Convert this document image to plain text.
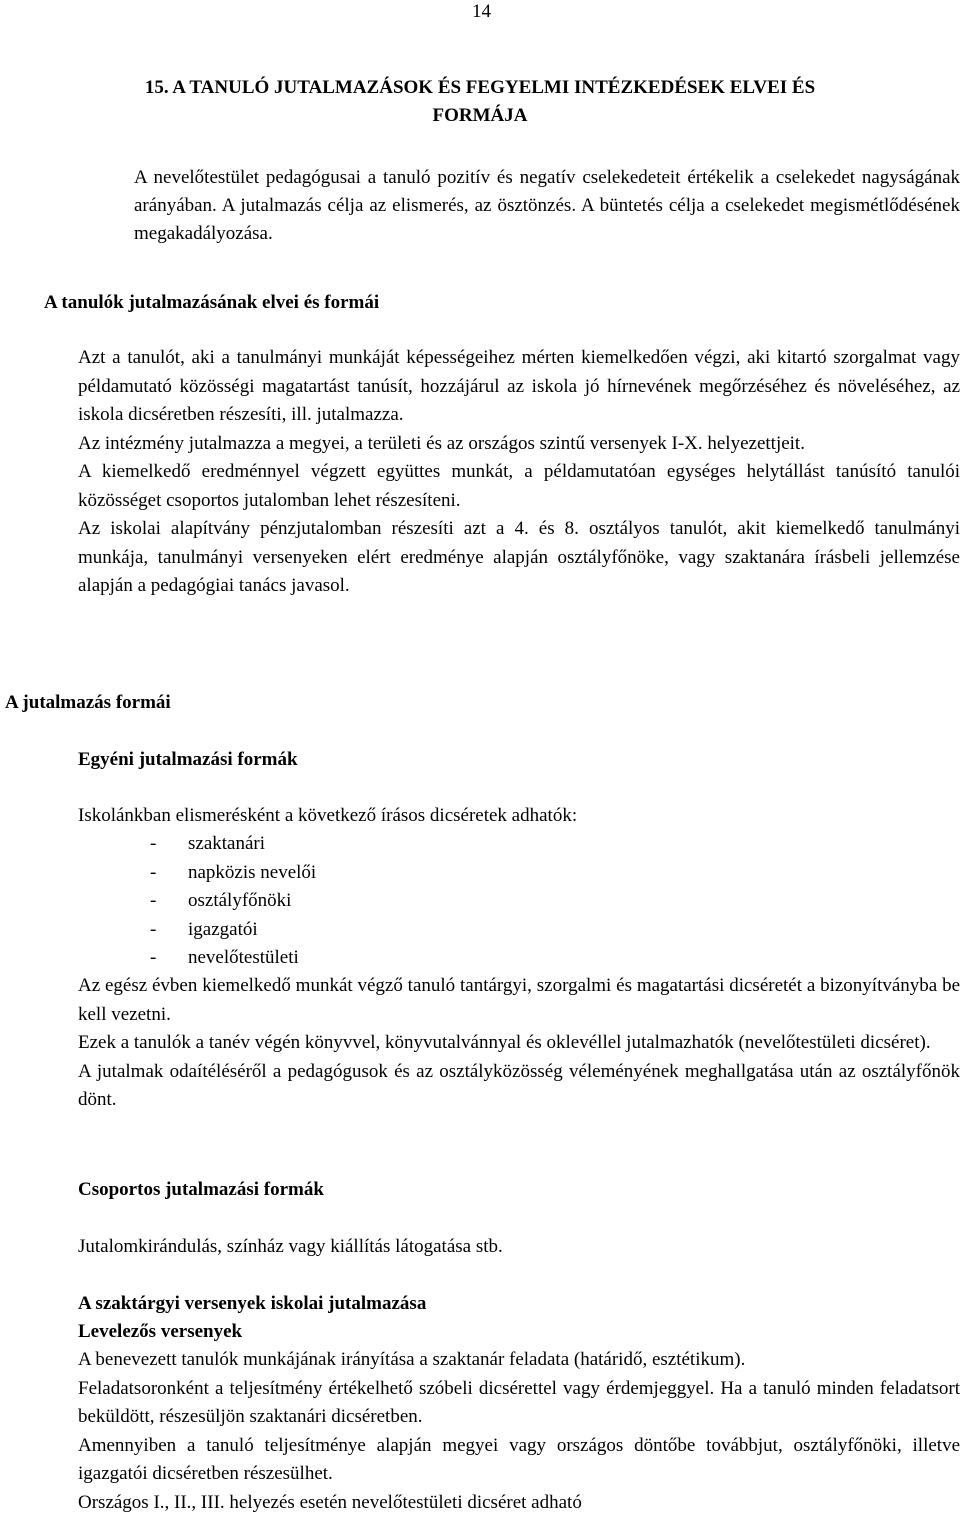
14
15. A TANULÓ JUTALMAZÁSOK ÉS FEGYELMI INTÉZKEDÉSEK ELVEI ÉS
FORMÁJA

A nevelőtestület pedagógusai a tanuló pozitív és negatív cselekedeteit értékelik a cselekedet nagyságának arányában. A jutalmazás célja az elismerés, az ösztönzés. A büntetés célja a cselekedet megismétlődésének megakadályozása.

A tanulók jutalmazásának elvei és formái

Azt a tanulót, aki a tanulmányi munkáját képességeihez mérten kiemelkedően végzi, aki kitartó szorgalmat vagy példamutató közösségi magatartást tanúsít, hozzájárul az iskola jó hírnevének megőrzéséhez és növeléséhez, az iskola dicséretben részesíti, ill. jutalmazza.

Az intézmény jutalmazza a megyei, a területi és az országos szintű versenyek I-X. helyezettjeit.

A kiemelkedő eredménnyel végzett együttes munkát, a példamutatóan egységes helytállást tanúsító tanulói közösséget csoportos jutalomban lehet részesíteni.

Az iskolai alapítvány pénzjutalomban részesíti azt a 4. és 8. osztályos tanulót, akit kiemelkedő tanulmányi munkája, tanulmányi versenyeken elért eredménye alapján osztályfőnöke, vagy szaktanára írásbeli jellemzése alapján a pedagógiai tanács javasol.

A jutalmazás formái
Egyéni jutalmazási formák

Iskolánkban elismerésként a következő írásos dicséretek adhatók:

- szaktanári
- napközis nevelői
- osztályfőnöki
- igazgatói
- nevelőtestületi

Az egész évben kiemelkedő munkát végző tanuló tantárgyi, szorgalmi és magatartási dicséretét a bizonyítványba be kell vezetni.

Ezek a tanulók a tanév végén könyvvel, könyvutalvánnyal és oklevéllel jutalmazhatók (nevelőtestületi dicséret).

A jutalmak odaítéléséről a pedagógusok és az osztályközösség véleményének meghallgatása után az osztályfőnök dönt.

Csoportos jutalmazási formák

Jutalomkirándulás, színház vagy kiállítás látogatása stb.

A szaktárgyi versenyek iskolai jutalmazása
Levelezős versenyek

A benevezett tanulók munkájának irányítása a szaktanár feladata (határidő, esztétikum).

Feladatsoronként a teljesítmény értékelhető szóbeli dicsérettel vagy érdemjeggyel. Ha a tanuló minden feladatsort beküldött, részesüljön szaktanári dicséretben.

Amennyiben a tanuló teljesítménye alapján megyei vagy országos döntőbe továbbjut, osztályfőnöki, illetve igazgatói dicséretben részesülhet.

Országos I., II., III. helyezés esetén nevelőtestületi dicséret adható
